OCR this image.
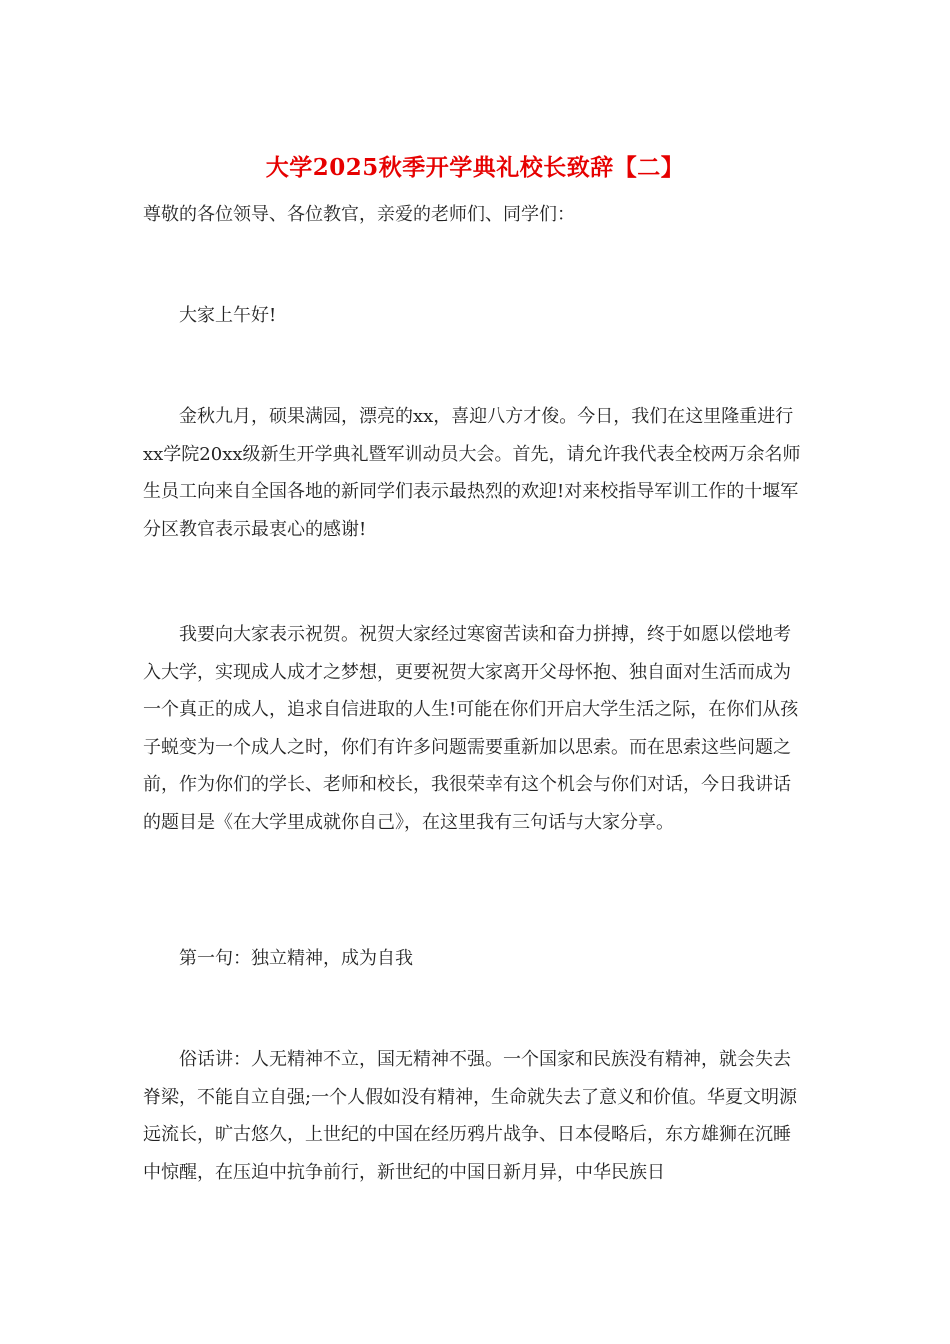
大学2025秋季开学典礼校长致辞【二】

尊敬的各位领导、各位教官，亲爱的老师们、同学们：

大家上午好!

金秋九月，硕果满园，漂亮的xx，喜迎八方才俊。今日，我们在这里隆重进行xx学院20xx级新生开学典礼暨军训动员大会。首先，请允许我代表全校两万余名师生员工向来自全国各地的新同学们表示最热烈的欢迎!对来校指导军训工作的十堰军分区教官表示最衷心的感谢!

我要向大家表示祝贺。祝贺大家经过寒窗苦读和奋力拼搏，终于如愿以偿地考入大学，实现成人成才之梦想，更要祝贺大家离开父母怀抱、独自面对生活而成为一个真正的成人，追求自信进取的人生!可能在你们开启大学生活之际，在你们从孩子蜕变为一个成人之时，你们有许多问题需要重新加以思索。而在思索这些问题之前，作为你们的学长、老师和校长，我很荣幸有这个机会与你们对话，今日我讲话的题目是《在大学里成就你自己》，在这里我有三句话与大家分享。

第一句：独立精神，成为自我

俗话讲：人无精神不立，国无精神不强。一个国家和民族没有精神，就会失去脊梁，不能自立自强;一个人假如没有精神，生命就失去了意义和价值。华夏文明源远流长，旷古悠久，上世纪的中国在经历鸦片战争、日本侵略后，东方雄狮在沉睡中惊醒，在压迫中抗争前行，新世纪的中国日新月异，中华民族日
